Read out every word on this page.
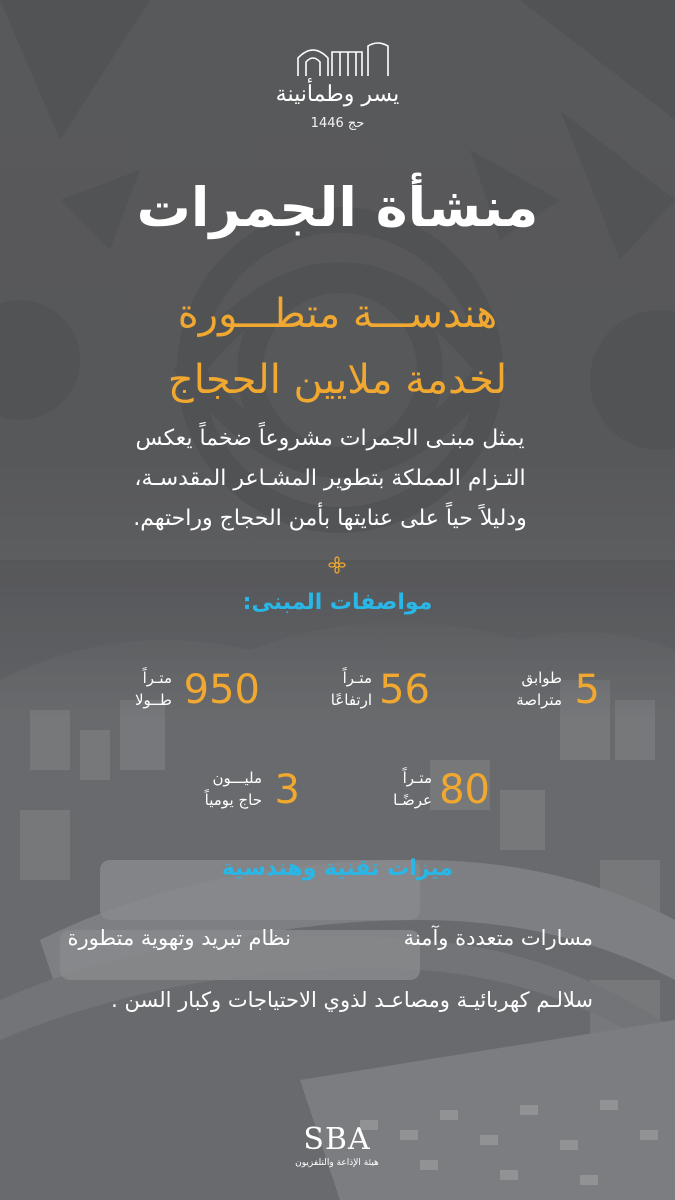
يسر وطمأنينة
حج 1446
منشأة الجمرات
هندســـة متطـــورة
لخدمة ملايين الحجاج
يمثل مبنـى الجمرات مشروعاً ضخماً يعكس
التـزام المملكة بتطوير المشـاعر المقدسـة،
ودليلاً حياً على عنايتها بأمن الحجاج وراحتهم.
مواصفات المبنى:
5
طوابق
متراصة
56
متـراً
ارتفاعًا
950
متـراً
طــولا
80
متـراً
عرضًـا
3
مليـــون
حاج يومياً
ميزات تقنية وهندسية
مسارات متعددة وآمنة
نظام تبريد وتهوية متطورة
سلالـم كهربائيـة ومصاعـد لذوي الاحتياجات وكبار السن .
SBA
هيئة الإذاعة والتلفزيون
